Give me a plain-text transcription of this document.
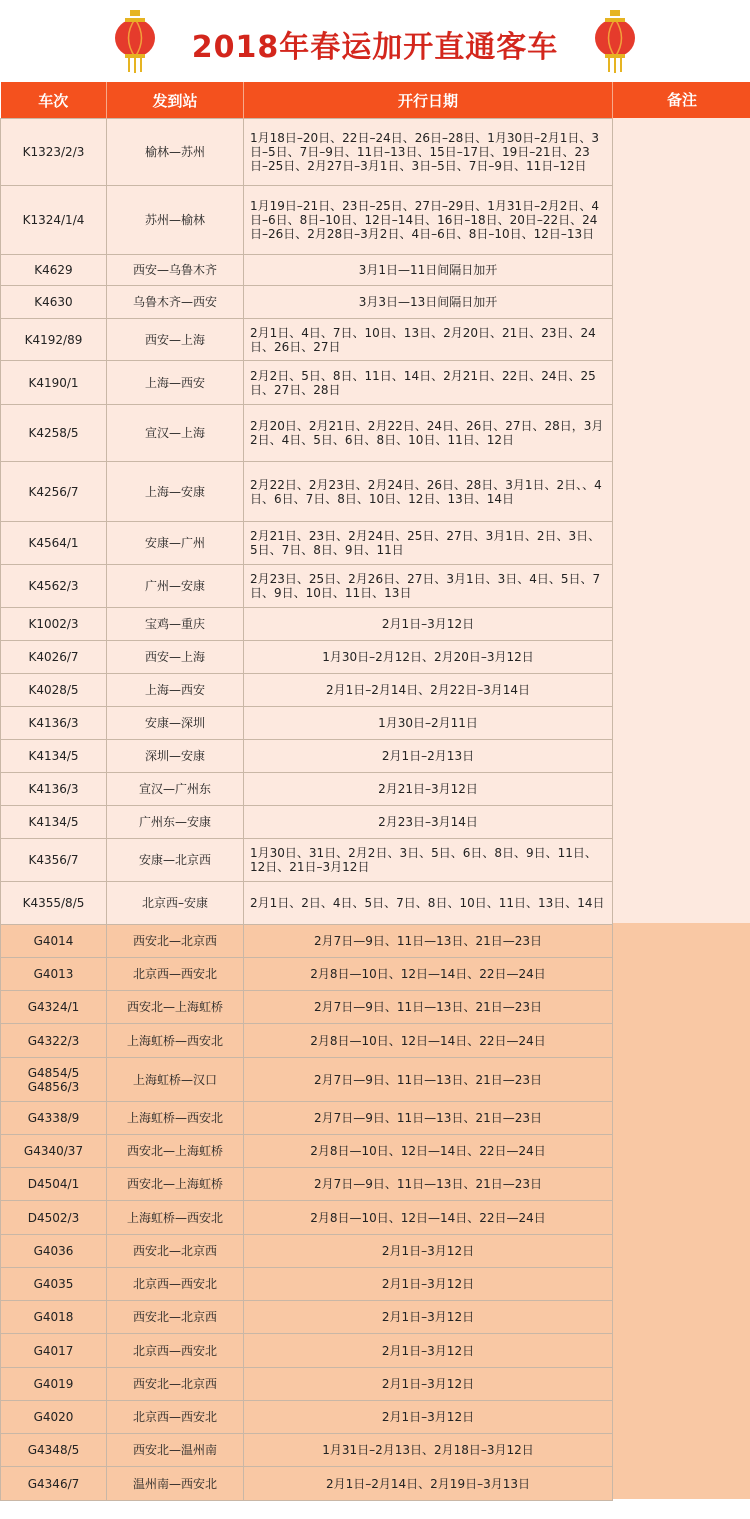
2018年春运加开直通客车
备注
车次	发到站	开行日期
K1323/2/3	榆林—苏州	1月18日–20日、22日–24日、26日–28日、1月30日–2月1日、3日–5日、7日–9日、11日–13日、15日–17日、19日–21日、23日–25日、2月27日–3月1日、3日–5日、7日–9日、11日–12日
K1324/1/4	苏州—榆林	1月19日–21日、23日–25日、27日–29日、1月31日–2月2日、4日–6日、8日–10日、12日–14日、16日–18日、20日–22日、24日–26日、2月28日–3月2日、4日–6日、8日–10日、12日–13日
K4629	西安—乌鲁木齐	3月1日—11日间隔日加开
K4630	乌鲁木齐—西安	3月3日—13日间隔日加开
K4192/89	西安—上海	2月1日、4日、7日、10日、13日、2月20日、21日、23日、24日、26日、27日
K4190/1	上海—西安	2月2日、5日、8日、11日、14日、2月21日、22日、24日、25日、27日、28日
K4258/5	宣汉—上海	2月20日、2月21日、2月22日、24日、26日、27日、28日，3月2日、4日、5日、6日、8日、10日、11日、12日
K4256/7	上海—安康	2月22日、2月23日、2月24日、26日、28日、3月1日、2日、、4日、6日、7日、8日、10日、12日、13日、14日
K4564/1	安康—广州	2月21日、23日、2月24日、25日、27日、3月1日、2日、3日、5日、7日、8日、9日、11日
K4562/3	广州—安康	2月23日、25日、2月26日、27日、3月1日、3日、4日、5日、7日、9日、10日、11日、13日
K1002/3	宝鸡—重庆	2月1日–3月12日
K4026/7	西安—上海	1月30日–2月12日、2月20日–3月12日
K4028/5	上海—西安	2月1日–2月14日、2月22日–3月14日
K4136/3	安康—深圳	1月30日–2月11日
K4134/5	深圳—安康	2月1日–2月13日
K4136/3	宣汉—广州东	2月21日–3月12日
K4134/5	广州东—安康	2月23日–3月14日
K4356/7	安康—北京西	1月30日、31日、2月2日、3日、5日、6日、8日、9日、11日、12日、21日–3月12日
K4355/8/5	北京西–安康	2月1日、2日、4日、5日、7日、8日、10日、11日、13日、14日
G4014	西安北—北京西	2月7日—9日、11日—13日、21日—23日
G4013	北京西—西安北	2月8日—10日、12日—14日、22日—24日
G4324/1	西安北—上海虹桥	2月7日—9日、11日—13日、21日—23日
G4322/3	上海虹桥—西安北	2月8日—10日、12日—14日、22日—24日
G4854/5 G4856/3	上海虹桥—汉口	2月7日—9日、11日—13日、21日—23日
G4338/9	上海虹桥—西安北	2月7日—9日、11日—13日、21日—23日
G4340/37	西安北—上海虹桥	2月8日—10日、12日—14日、22日—24日
D4504/1	西安北—上海虹桥	2月7日—9日、11日—13日、21日—23日
D4502/3	上海虹桥—西安北	2月8日—10日、12日—14日、22日—24日
G4036	西安北—北京西	2月1日–3月12日
G4035	北京西—西安北	2月1日–3月12日
G4018	西安北—北京西	2月1日–3月12日
G4017	北京西—西安北	2月1日–3月12日
G4019	西安北—北京西	2月1日–3月12日
G4020	北京西—西安北	2月1日–3月12日
G4348/5	西安北—温州南	1月31日–2月13日、2月18日–3月12日
G4346/7	温州南—西安北	2月1日–2月14日、2月19日–3月13日
